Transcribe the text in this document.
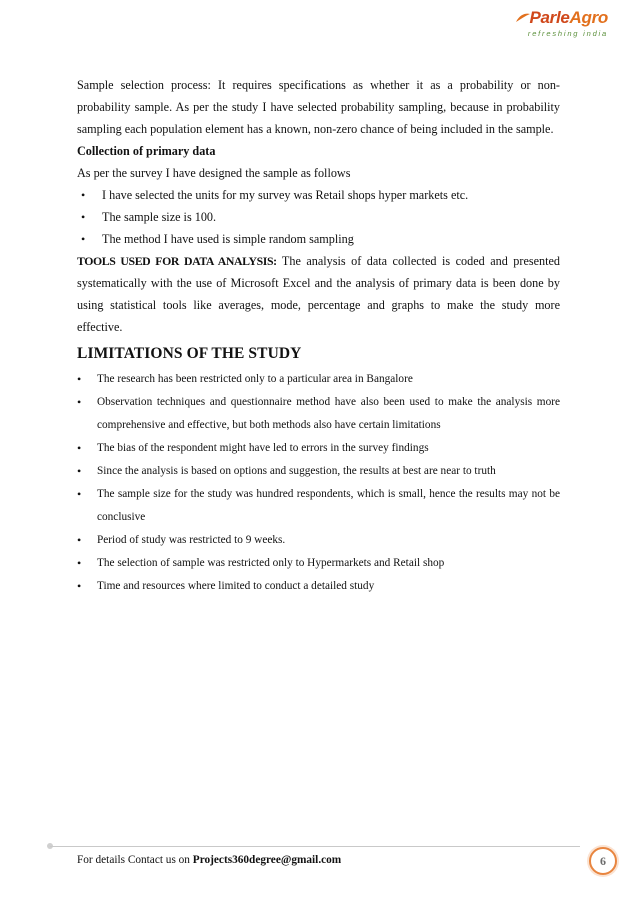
ParleAgro
refreshing india

Sample selection process: It requires specifications as whether it as a probability or non-probability sample. As per the study I have selected probability sampling, because in probability sampling each population element has a known, non-zero chance of being included in the sample.

Collection of primary data

As per the survey I have designed the sample as follows

• I have selected the units for my survey was Retail shops hyper markets etc.
• The sample size is 100.
• The method I have used is simple random sampling

TOOLS USED FOR DATA ANALYSIS: The analysis of data collected is coded and presented systematically with the use of Microsoft Excel and the analysis of primary data is been done by using statistical tools like averages, mode, percentage and graphs to make the study more effective.

LIMITATIONS OF THE STUDY
• The research has been restricted only to a particular area in Bangalore
• Observation techniques and questionnaire method have also been used to make the analysis more comprehensive and effective, but both methods also have certain limitations
• The bias of the respondent might have led to errors in the survey findings
• Since the analysis is based on options and suggestion, the results at best are near to truth
• The sample size for the study was hundred respondents, which is small, hence the results may not be conclusive
• Period of study was restricted to 9 weeks.
• The selection of sample was restricted only to Hypermarkets and Retail shop
• Time and resources where limited to conduct a detailed study
For details Contact us on Projects360degree@gmail.com	6
